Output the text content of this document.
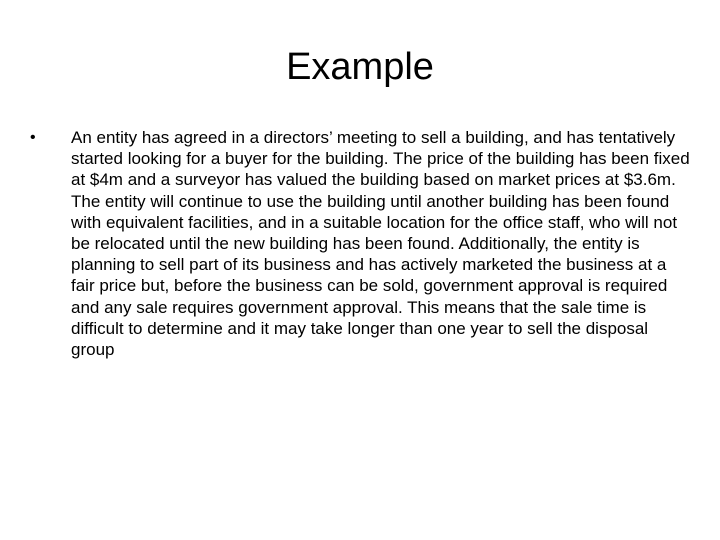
Example
•	An entity has agreed in a directors’ meeting to sell a building, and has tentatively started looking for a buyer for the building. The price of the building has been fixed at $4m and a surveyor has valued the building based on market prices at $3.6m. The entity will continue to use the building until another building has been found with equivalent facilities, and in a suitable location for the office staff, who will not be relocated until the new building has been found. Additionally, the entity is planning to sell part of its business and has actively marketed the business at a fair price but, before the business can be sold, government approval is required and any sale requires government approval. This means that the sale time is difficult to determine and it may take longer than one year to sell the disposal group
